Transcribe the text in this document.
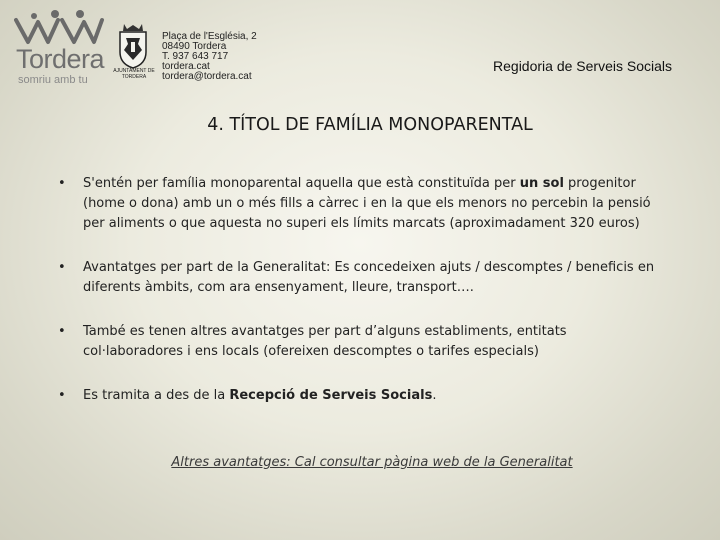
Tordera
somriu amb tu
AJUNTAMENT DE TORDERA
Plaça de l'Església, 2
08490 Tordera
T. 937 643 717
tordera.cat
tordera@tordera.cat
Regidoria de Serveis Socials
4. TÍTOL DE FAMÍLIA MONOPARENTAL
• S'entén per família monoparental aquella que està constituïda per un sol progenitor (home o dona) amb un o més fills a càrrec i en la que els menors no percebin la pensió per aliments o que aquesta no superi els límits marcats (aproximadament 320 euros)
• Avantatges per part de la Generalitat: Es concedeixen ajuts / descomptes / beneficis en diferents àmbits, com ara ensenyament, lleure, transport….
• També es tenen altres avantatges per part d’alguns establiments, entitats col·laboradores i ens locals (ofereixen descomptes o tarifes especials)
• Es tramita a des de la Recepció de Serveis Socials.
Altres avantatges: Cal consultar pàgina web de la Generalitat
